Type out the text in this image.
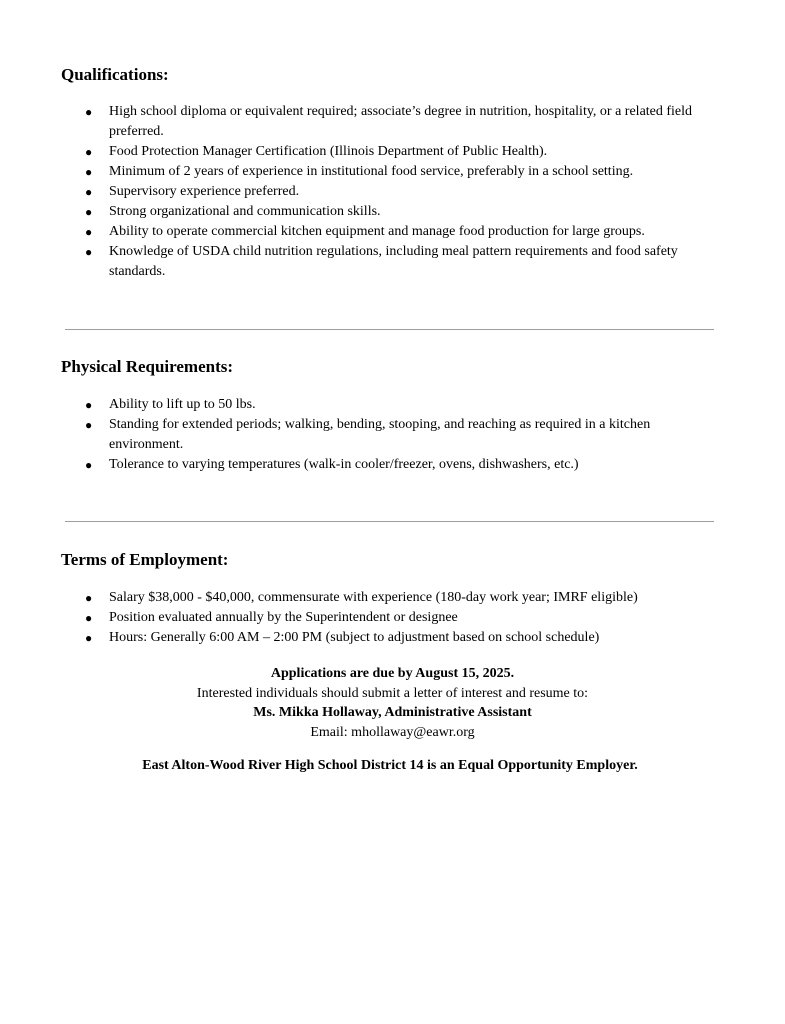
Qualifications:
● High school diploma or equivalent required; associate’s degree in nutrition, hospitality, or a related field preferred.
● Food Protection Manager Certification (Illinois Department of Public Health).
● Minimum of 2 years of experience in institutional food service, preferably in a school setting.
● Supervisory experience preferred.
● Strong organizational and communication skills.
● Ability to operate commercial kitchen equipment and manage food production for large groups.
● Knowledge of USDA child nutrition regulations, including meal pattern requirements and food safety standards.
Physical Requirements:
● Ability to lift up to 50 lbs.
● Standing for extended periods; walking, bending, stooping, and reaching as required in a kitchen environment.
● Tolerance to varying temperatures (walk-in cooler/freezer, ovens, dishwashers, etc.)
Terms of Employment:
● Salary $38,000 - $40,000, commensurate with experience (180-day work year; IMRF eligible)
● Position evaluated annually by the Superintendent or designee
● Hours: Generally 6:00 AM – 2:00 PM (subject to adjustment based on school schedule)
Applications are due by August 15, 2025.
Interested individuals should submit a letter of interest and resume to:
Ms. Mikka Hollaway, Administrative Assistant
Email: mhollaway@eawr.org
East Alton-Wood River High School District 14 is an Equal Opportunity Employer.
